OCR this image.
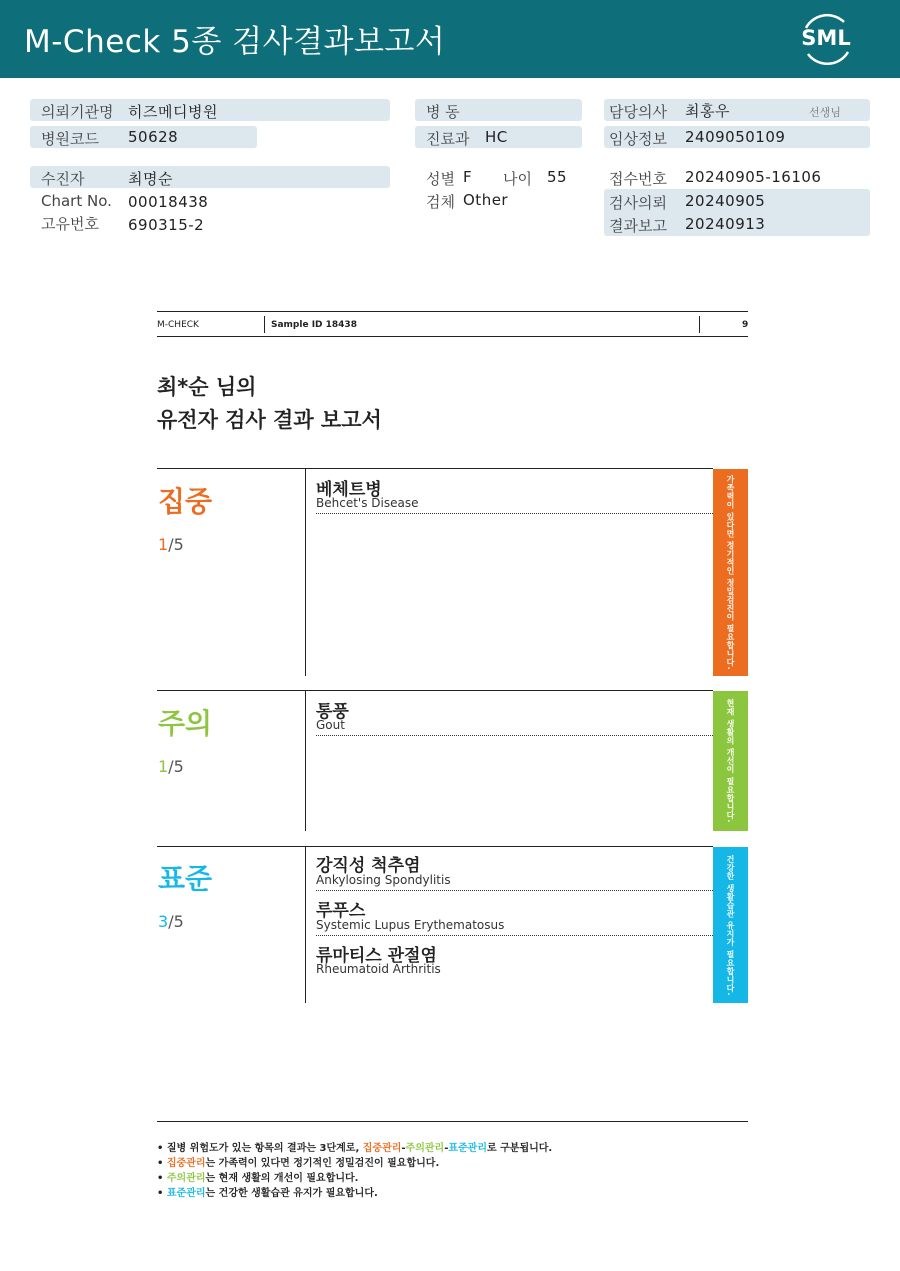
M-Check 5종 검사결과보고서	SML
의뢰기관명 히즈메디병원
병원코드 50628
수진자	최명순
Chart No. 00018438
고유번호 690315-2
병 동
진료과 HC
성별 F 나이 55
검체 Other
담당의사 최홍우	선생님
임상정보 2409050109
접수번호 20240905-16106
검사의뢰 20240905
결과보고 20240913
M-CHECK	Sample ID 18438	9
최*순 님의
유전자 검사 결과 보고서
집중
1/5
베체트병
Behcet's Disease	가족력이 있다면 정기적인 정밀검진이 필요합니다.
주의
1/5
통풍
Gout	현재 생활의 개선이 필요합니다.
표준
3/5
강직성 척추염
Ankylosing Spondylitis
루푸스
Systemic Lupus Erythematosus
류마티스 관절염
Rheumatoid Arthritis	건강한 생활습관 유지가 필요합니다.
• 질병 위험도가 있는 항목의 결과는 3단계로, 집중관리-주의관리-표준관리로 구분됩니다.
• 집중관리는 가족력이 있다면 정기적인 정밀검진이 필요합니다.
• 주의관리는 현재 생활의 개선이 필요합니다.
• 표준관리는 건강한 생활습관 유지가 필요합니다.
